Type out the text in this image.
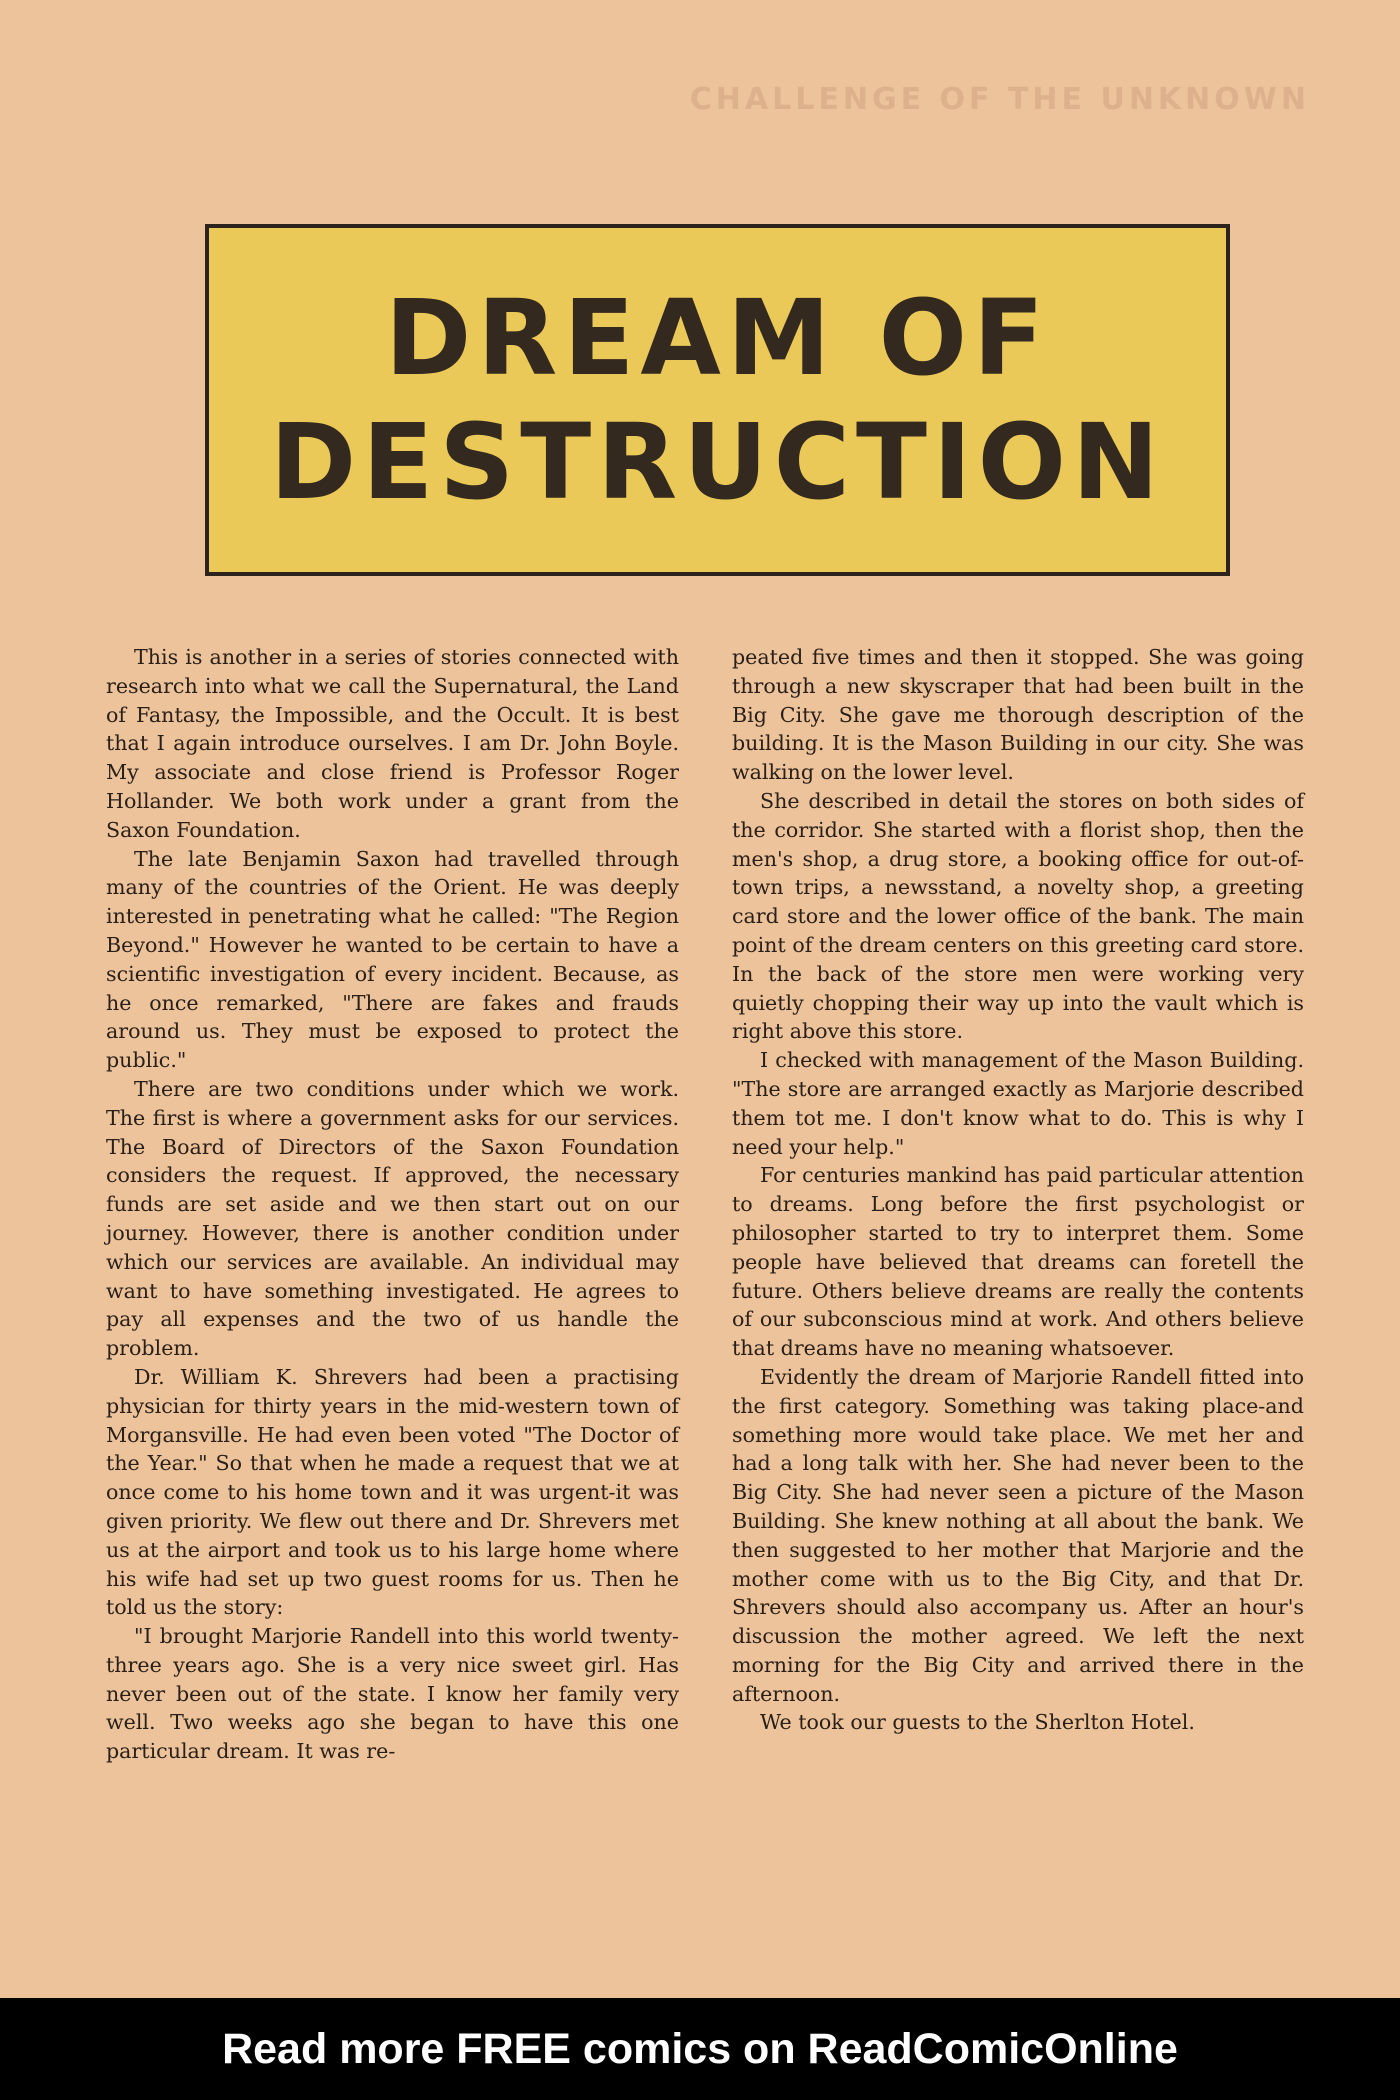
CHALLENGE OF THE UNKNOWN
DREAM OF
DESTRUCTION

This is another in a series of stories connected with research into what we call the Supernatural, the Land of Fantasy, the Impossible, and the Occult. It is best that I again introduce ourselves. I am Dr. John Boyle. My associate and close friend is Professor Roger Hollander. We both work under a grant from the Saxon Foundation.

The late Benjamin Saxon had travelled through many of the countries of the Orient. He was deeply interested in penetrating what he called: "The Region Beyond." However he wanted to be certain to have a scientific investigation of every incident. Because, as he once remarked, "There are fakes and frauds around us. They must be exposed to protect the public."

There are two conditions under which we work. The first is where a government asks for our services. The Board of Directors of the Saxon Foundation considers the request. If approved, the necessary funds are set aside and we then start out on our journey. However, there is another condition under which our services are available. An individual may want to have something investigated. He agrees to pay all expenses and the two of us handle the problem.

Dr. William K. Shrevers had been a practising physician for thirty years in the mid-western town of Morgansville. He had even been voted "The Doctor of the Year." So that when he made a request that we at once come to his home town and it was urgent-it was given priority. We flew out there and Dr. Shrevers met us at the airport and took us to his large home where his wife had set up two guest rooms for us. Then he told us the story:

"I brought Marjorie Randell into this world twenty-three years ago. She is a very nice sweet girl. Has never been out of the state. I know her family very well. Two weeks ago she began to have this one particular dream. It was re-

peated five times and then it stopped. She was going through a new skyscraper that had been built in the Big City. She gave me thorough description of the building. It is the Mason Building in our city. She was walking on the lower level.

She described in detail the stores on both sides of the corridor. She started with a florist shop, then the men's shop, a drug store, a booking office for out-of-town trips, a newsstand, a novelty shop, a greeting card store and the lower office of the bank. The main point of the dream centers on this greeting card store. In the back of the store men were working very quietly chopping their way up into the vault which is right above this store.

I checked with management of the Mason Building. "The store are arranged exactly as Marjorie described them tot me. I don't know what to do. This is why I need your help."

For centuries mankind has paid particular attention to dreams. Long before the first psychologist or philosopher started to try to interpret them. Some people have believed that dreams can foretell the future. Others believe dreams are really the contents of our subconscious mind at work. And others believe that dreams have no meaning whatsoever.

Evidently the dream of Marjorie Randell fitted into the first category. Something was taking place-and something more would take place. We met her and had a long talk with her. She had never been to the Big City. She had never seen a picture of the Mason Building. She knew nothing at all about the bank. We then suggested to her mother that Marjorie and the mother come with us to the Big City, and that Dr. Shrevers should also accompany us. After an hour's discussion the mother agreed. We left the next morning for the Big City and arrived there in the afternoon.

We took our guests to the Sherlton Hotel.

Read more FREE comics on ReadComicOnline
